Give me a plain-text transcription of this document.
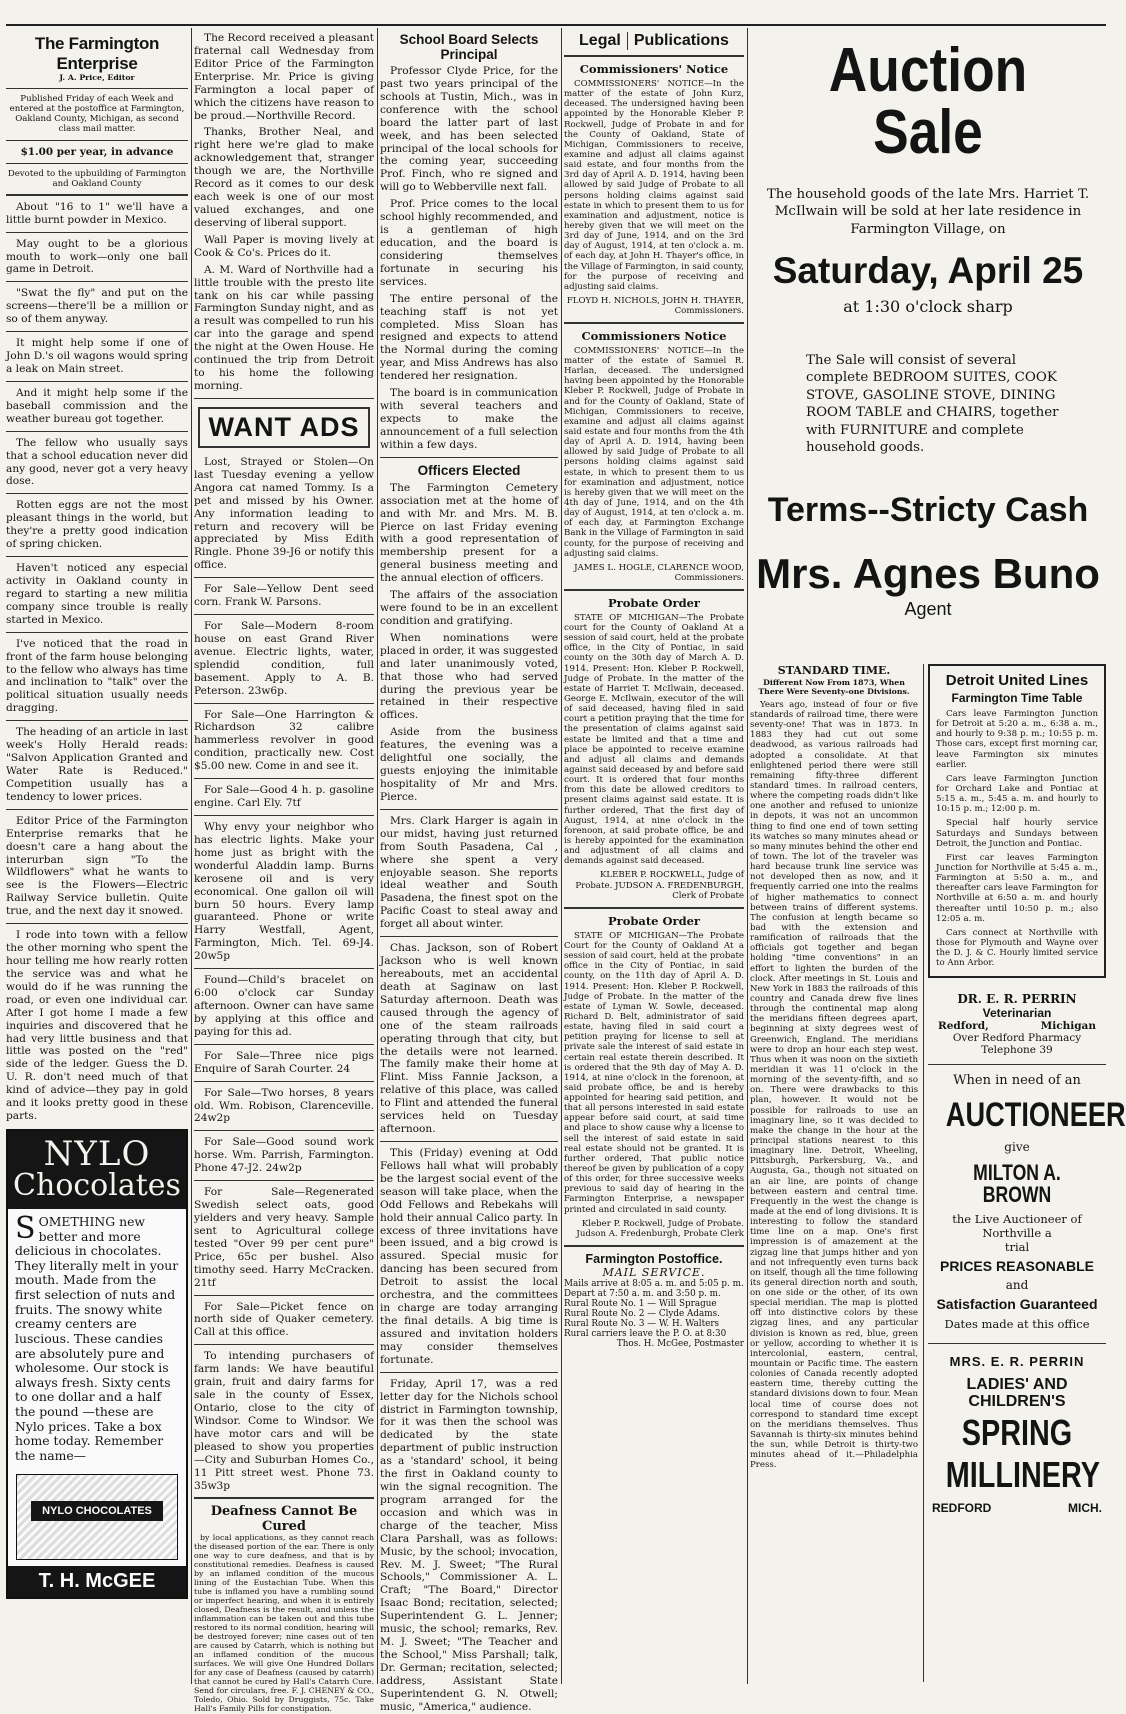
The Farmington Enterprise
J. A. Price, Editor

Published Friday of each Week and entered at the postoffice at Farmington, Oakland County, Michigan, as second class mail matter.

$1.00 per year, in advance

Devoted to the upbuilding of Farmington and Oakland County

About "16 to 1" we'll have a little burnt powder in Mexico.

May ought to be a glorious mouth to work—only one ball game in Detroit.

"Swat the fly" and put on the screens—there'll be a million or so of them anyway.

It might help some if one of John D.'s oil wagons would spring a leak on Main street.

And it might help some if the baseball commission and the weather bureau got together.

The fellow who usually says that a school education never did any good, never got a very heavy dose.

Rotten eggs are not the most pleasant things in the world, but they're a pretty good indication of spring chicken.

Haven't noticed any especial activity in Oakland county in regard to starting a new militia company since trouble is really started in Mexico.

I've noticed that the road in front of the farm house belonging to the fellow who always has time and inclination to "talk" over the political situation usually needs dragging.

The heading of an article in last week's Holly Herald reads: "Salvon Application Granted and Water Rate is Reduced." Competition usually has a tendency to lower prices.

Editor Price of the Farmington Enterprise remarks that he doesn't care a hang about the interurban sign "To the Wildflowers" what he wants to see is the Flowers—Electric Railway Service bulletin. Quite true, and the next day it snowed.

I rode into town with a fellow the other morning who spent the hour telling me how rearly rotten the service was and what he would do if he was running the road, or even one individual car. After I got home I made a few inquiries and discovered that he had very little business and that little was posted on the "red" side of the ledger. Guess the D. U. R. don't need much of that kind of advice—they pay in gold and it looks pretty good in these parts.

NYLO
Chocolates
SOMETHING new better and more delicious in chocolates. They literally melt in your mouth. Made from the first selection of nuts and fruits. The snowy white creamy centers are luscious. These candies are absolutely pure and wholesome. Our stock is always fresh. Sixty cents to one dollar and a half the pound —these are Nylo prices. Take a box home today. Remember the name—
NYLO CHOCOLATES
T. H. McGEE

The Record received a pleasant fraternal call Wednesday from Editor Price of the Farmington Enterprise. Mr. Price is giving Farmington a local paper of which the citizens have reason to be proud.—Northville Record.

Thanks, Brother Neal, and right here we're glad to make acknowledgement that, stranger though we are, the Northville Record as it comes to our desk each week is one of our most valued exchanges, and one deserving of liberal support.

Wall Paper is moving lively at Cook & Co's. Prices do it.

A. M. Ward of Northville had a little trouble with the presto lite tank on his car while passing Farmington Sunday night, and as a result was compelled to run his car into the garage and spend the night at the Owen House. He continued the trip from Detroit to his home the following morning.

WANT ADS

Lost, Strayed or Stolen—On last Tuesday evening a yellow Angora cat named Tommy. Is a pet and missed by his Owner. Any information leading to return and recovery will be appreciated by Miss Edith Ringle. Phone 39-J6 or notify this office.

For Sale—Yellow Dent seed corn. Frank W. Parsons.

For Sale—Modern 8-room house on east Grand River avenue. Electric lights, water, splendid condition, full basement. Apply to A. B. Peterson. 23w6p.

For Sale—One Harrington & Richardson 32 calibre hammerless revolver in good condition, practically new. Cost $5.00 new. Come in and see it.

For Sale—Good 4 h. p. gasoline engine. Carl Ely. 7tf

Why envy your neighbor who has electric lights. Make your home just as bright with the wonderful Aladdin lamp. Burns kerosene oil and is very economical. One gallon oil will burn 50 hours. Every lamp guaranteed. Phone or write Harry Westfall, Agent, Farmington, Mich. Tel. 69-J4. 20w5p

Found—Child's bracelet on 6:00 o'clock car Sunday afternoon. Owner can have same by applying at this office and paying for this ad.

For Sale—Three nice pigs Enquire of Sarah Courter. 24

For Sale—Two horses, 8 years old. Wm. Robison, Clarenceville. 24w2p

For Sale—Good sound work horse. Wm. Parrish, Farmington. Phone 47-J2. 24w2p

For Sale—Regenerated Swedish select oats, good yielders and very heavy. Sample sent to Agricultural college tested "Over 99 per cent pure" Price, 65c per bushel. Also timothy seed. Harry McCracken. 21tf

For Sale—Picket fence on north side of Quaker cemetery. Call at this office.

To intending purchasers of farm lands: We have beautiful grain, fruit and dairy farms for sale in the county of Essex, Ontario, close to the city of Windsor. Come to Windsor. We have motor cars and will be pleased to show you properties —City and Suburban Homes Co., 11 Pitt street west. Phone 73. 35w3p

Deafness Cannot Be Cured

by local applications, as they cannot reach the diseased portion of the ear. There is only one way to cure deafness, and that is by constitutional remedies. Deafness is caused by an inflamed condition of the mucous lining of the Eustachian Tube. When this tube is inflamed you have a rumbling sound or imperfect hearing, and when it is entirely closed, Deafness is the result, and unless the inflammation can be taken out and this tube restored to its normal condition, hearing will be destroyed forever; nine cases out of ten are caused by Catarrh, which is nothing but an inflamed condition of the mucous surfaces. We will give One Hundred Dollars for any case of Deafness (caused by catarrh) that cannot be cured by Hall's Catarrh Cure. Send for circulars, free. F. J. CHENEY & CO., Toledo, Ohio. Sold by Druggists, 75c. Take Hall's Family Pills for constipation.

School Board Selects Principal

Professor Clyde Price, for the past two years principal of the schools at Tustin, Mich., was in conference with the school board the latter part of last week, and has been selected principal of the local schools for the coming year, succeeding Prof. Finch, who re signed and will go to Webberville next fall.

Prof. Price comes to the local school highly recommended, and is a gentleman of high education, and the board is considering themselves fortunate in securing his services.

The entire personal of the teaching staff is not yet completed. Miss Sloan has resigned and expects to attend the Normal during the coming year, and Miss Andrews has also tendered her resignation.

The board is in communication with several teachers and expects to make the announcement of a full selection within a few days.

Officers Elected

The Farmington Cemetery association met at the home of and with Mr. and Mrs. M. B. Pierce on last Friday evening with a good representation of membership present for a general business meeting and the annual election of officers.

The affairs of the association were found to be in an excellent condition and gratifying.

When nominations were placed in order, it was suggested and later unanimously voted, that those who had served during the previous year be retained in their respective offices.

Aside from the business features, the evening was a delightful one socially, the guests enjoying the inimitable hospitality of Mr and Mrs. Pierce.

Mrs. Clark Harger is again in our midst, having just returned from South Pasadena, Cal , where she spent a very enjoyable season. She reports ideal weather and South Pasadena, the finest spot on the Pacific Coast to steal away and forget all about winter.

Chas. Jackson, son of Robert Jackson who is well known hereabouts, met an accidental death at Saginaw on last Saturday afternoon. Death was caused through the agency of one of the steam railroads operating through that city, but the details were not learned. The family make their home at Flint. Miss Fannie Jackson, a relative of this place, was called to Flint and attended the funeral services held on Tuesday afternoon.

This (Friday) evening at Odd Fellows hall what will probably be the largest social event of the season will take place, when the Odd Fellows and Rebekahs will hold their annual Calico party. In excess of three invitations have been issued, and a big crowd is assured. Special music for dancing has been secured from Detroit to assist the local orchestra, and the committees in charge are today arranging the final details. A big time is assured and invitation holders may consider themselves fortunate.

Friday, April 17, was a red letter day for the Nichols school district in Farmington township, for it was then the school was dedicated by the state department of public instruction as a 'standard' school, it being the first in Oakland county to win the signal recognition. The program arranged for the occasion and which was in charge of the teacher, Miss Clara Parshall, was as follows: Music, by the school; invocation, Rev. M. J. Sweet; "The Rural Schools," Commissioner A. L. Craft; "The Board," Director Isaac Bond; recitation, selected; Superintendent G. L. Jenner; music, the school; remarks, Rev. M. J. Sweet; "The Teacher and the School," Miss Parshall; talk, Dr. German; recitation, selected; address, Assistant State Superintendent G. N. Otwell; music, "America," audience.

Legal Publications
Commissioners' Notice

COMMISSIONERS' NOTICE—In the matter of the estate of John Kurz, deceased. The undersigned having been appointed by the Honorable Kleber P. Rockwell, Judge of Probate in and for the County of Oakland, State of Michigan, Commissioners to receive, examine and adjust all claims against said estate, and four months from the 3rd day of April A. D. 1914, having been allowed by said Judge of Probate to all persons holding claims against said estate in which to present them to us for examination and adjustment, notice is hereby given that we will meet on the 3rd day of June, 1914, and on the 3rd day of August, 1914, at ten o'clock a. m. of each day, at John H. Thayer's office, in the Village of Farmington, in said county, for the purpose of receiving and adjusting said claims.

FLOYD H. NICHOLS, JOHN H. THAYER, Commissioners.

Commissioners Notice

COMMISSIONERS' NOTICE—In the matter of the estate of Samuel R. Harlan, deceased. The undersigned having been appointed by the Honorable Kleber P. Rockwell, Judge of Probate in and for the County of Oakland, State of Michigan, Commissioners to receive, examine and adjust all claims against said estate and four months from the 4th day of April A. D. 1914, having been allowed by said Judge of Probate to all persons holding claims against said estate, in which to present them to us for examination and adjustment, notice is hereby given that we will meet on the 4th day of June, 1914, and on the 4th day of August, 1914, at ten o'clock a. m. of each day, at Farmington Exchange Bank in the Village of Farmington in said county, for the purpose of receiving and adjusting said claims.

JAMES L. HOGLE, CLARENCE WOOD, Commissioners.

Probate Order

STATE OF MICHIGAN—The Probate court for the County of Oakland At a session of said court, held at the probate office, in the City of Pontiac, in said county on the 30th day of March A. D. 1914. Present: Hon. Kleber P. Rockwell, Judge of Probate. In the matter of the estate of Harriet T. McIlwain, deceased. George E. McIlwain, executor of the will of said deceased, having filed in said court a petition praying that the time for the presentation of claims against said estate be limited and that a time and place be appointed to receive examine and adjust all claims and demands against said deceased by and before said court. It is ordered that four months from this date be allowed creditors to present claims against said estate. It is further ordered, That the first day of August, 1914, at nine o'clock in the forenoon, at said probate office, be and is hereby appointed for the examination and adjustment of all claims and demands against said deceased.

KLEBER P. ROCKWELL, Judge of Probate. JUDSON A. FREDENBURGH, Clerk of Probate

Probate Order

STATE OF MICHIGAN—The Probate Court for the County of Oakland At a session of said court, held at the probate office in the City of Pontiac, in said county, on the 11th day of April A. D. 1914. Present: Hon. Kleber P. Rockwell, Judge of Probate. In the matter of the estate of Lyman W. Sowle, deceased. Richard D. Belt, administrator of said estate, having filed in said court a petition praying for license to sell at private sale the interest of said estate in certain real estate therein described. It is ordered that the 9th day of May A. D. 1914, at nine o'clock in the forenoon, at said probate office, be and is hereby appointed for hearing said petition, and that all persons interested in said estate appear before said court, at said time and place to show cause why a license to sell the interest of said estate in said real estate should not be granted. It is further ordered, That public notice thereof be given by publication of a copy of this order, for three successive weeks previous to said day of hearing in the Farmington Enterprise, a newspaper printed and circulated in said county.

Kleber P. Rockwell, Judge of Probate. Judson A. Fredenburgh, Probate Clerk

Farmington Postoffice.
MAIL SERVICE.
Mails arrive at 8:05 a. m. and 5:05 p. m.
Depart at 7:50 a. m. and 3:50 p. m.
Rural Route No. 1 — Will Sprague
Rural Route No. 2 — Clyde Adams.
Rural Route No. 3 — W. H. Walters
Rural carriers leave the P. O. at 8:30
Thos. H. McGee, Postmaster
Auction Sale
The household goods of the late Mrs. Harriet T. McIlwain will be sold at her late residence in Farmington Village, on
Saturday, April 25
at 1:30 o'clock sharp
The Sale will consist of several complete BEDROOM SUITES, COOK STOVE, GASOLINE STOVE, DINING ROOM TABLE and CHAIRS, together with FURNITURE and complete household goods.
Terms--Stricty Cash
Mrs. Agnes Buno
Agent
STANDARD TIME.
Different Now From 1873, When There Were Seventy-one Divisions.

Years ago, instead of four or five standards of railroad time, there were seventy-one! That was in 1873. In 1883 they had cut out some deadwood, as various railroads had adopted a consolidate. At that enlightened period there were still remaining fifty-three different standard times. In railroad centers, where the competing roads didn't like one another and refused to unionize in depots, it was not an uncommon thing to find one end of town setting its watches so many minutes ahead or so many minutes behind the other end of town. The lot of the traveler was hard because trunk line service was not developed then as now, and it frequently carried one into the realms of higher mathematics to connect between trains of different systems. The confusion at length became so bad with the extension and ramification of railroads that the officials got together and began holding "time conventions" in an effort to lighten the burden of the clock. After meetings in St. Louis and New York in 1883 the railroads of this country and Canada drew five lines through the continental map along the meridians fifteen degrees apart, beginning at sixty degrees west of Greenwich, England. The meridians were to drop an hour each step west. Thus when it was noon on the sixtieth meridian it was 11 o'clock in the morning of the seventy-fifth, and so on. There were drawbacks to this plan, however. It would not be possible for railroads to use an imaginary line, so it was decided to make the change in the hour at the principal stations nearest to this imaginary line. Detroit, Wheeling, Pittsburgh, Parkersburg, Va., and Augusta, Ga., though not situated on an air line, are points of change between eastern and central time. Frequently in the west the change is made at the end of long divisions. It is interesting to follow the standard time line on a map. One's first impression is of amazement at the zigzag line that jumps hither and yon and not infrequently even turns back on itself, though all the time following its general direction north and south, on one side or the other, of its own special meridian. The map is plotted off into distinctive colors by these zigzag lines, and any particular division is known as red, blue, green or yellow, according to whether it is intercolonial, eastern, central, mountain or Pacific time. The eastern colonies of Canada recently adopted eastern time, thereby cutting the standard divisions down to four. Mean local time of course does not correspond to standard time except on the meridians themselves. Thus Savannah is thirty-six minutes behind the sun, while Detroit is thirty-two minutes ahead of it.—Philadelphia Press.

Detroit United Lines
Farmington Time Table

Cars leave Farmington Junction for Detroit at 5:20 a. m., 6:38 a. m., and hourly to 9:38 p. m.; 10:55 p. m. Those cars, except first morning car, leave Farmington six minutes earlier.

Cars leave Farmington Junction for Orchard Lake and Pontiac at 5:15 a. m., 5:45 a. m. and hourly to 10:15 p. m.; 12:00 p. m.

Special half hourly service Saturdays and Sundays between Detroit, the Junction and Pontiac.

First car leaves Farmington Junction for Northville at 5:45 a. m., Farmington at 5:50 a. m., and thereafter cars leave Farmington for Northville at 6:50 a. m. and hourly thereafter until 10:50 p. m.; also 12:05 a. m.

Cars connect at Northville with those for Plymouth and Wayne over the D. J. & C. Hourly limited service to Ann Arbor.

DR. E. R. PERRIN
Veterinarian
Redford,	Michigan
Over Redford Pharmacy
Telephone 39
When in need of an
AUCTIONEER
give
MILTON A. BROWN
the Live Auctioneer of Northville a
trial
PRICES REASONABLE
and
Satisfaction Guaranteed
Dates made at this office
MRS. E. R. PERRIN
LADIES' AND
CHILDREN'S
SPRING
MILLINERY
REDFORD	MICH.
